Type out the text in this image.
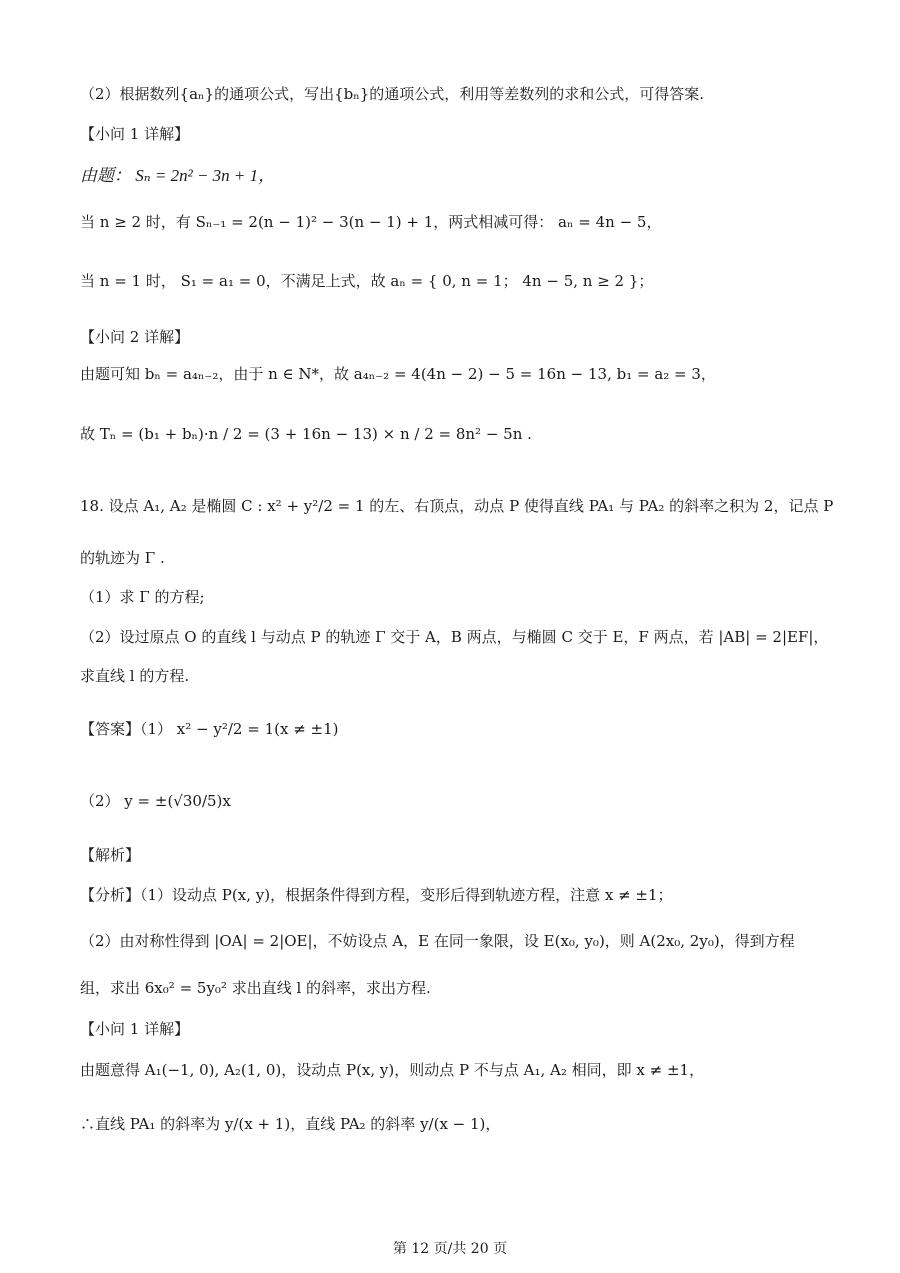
（2）根据数列{aₙ}的通项公式，写出{bₙ}的通项公式，利用等差数列的求和公式，可得答案.
【小问 1 详解】
由题： Sₙ = 2n² − 3n + 1，
当 n ≥ 2 时，有 Sₙ₋₁ = 2(n − 1)² − 3(n − 1) + 1，两式相减可得： aₙ = 4n − 5，
当 n = 1 时， S₁ = a₁ = 0，不满足上式，故 aₙ = { 0, n = 1； 4n − 5, n ≥ 2 }；
【小问 2 详解】
由题可知 bₙ = a₄ₙ₋₂，由于 n ∈ N*，故 a₄ₙ₋₂ = 4(4n − 2) − 5 = 16n − 13, b₁ = a₂ = 3，
故 Tₙ = (b₁ + bₙ)·n / 2 = (3 + 16n − 13) × n / 2 = 8n² − 5n .
18. 设点 A₁, A₂ 是椭圆 C : x² + y²/2 = 1 的左、右顶点，动点 P 使得直线 PA₁ 与 PA₂ 的斜率之积为 2，记点 P
的轨迹为 Γ .
（1）求 Γ 的方程;
（2）设过原点 O 的直线 l 与动点 P 的轨迹 Γ 交于 A，B 两点，与椭圆 C 交于 E，F 两点，若 |AB| = 2|EF|，
求直线 l 的方程.
【答案】（1） x² − y²/2 = 1(x ≠ ±1)
（2） y = ±(√30/5)x
【解析】
【分析】（1）设动点 P(x, y)，根据条件得到方程，变形后得到轨迹方程，注意 x ≠ ±1；
（2）由对称性得到 |OA| = 2|OE|，不妨设点 A，E 在同一象限，设 E(x₀, y₀)，则 A(2x₀, 2y₀)，得到方程
组，求出 6x₀² = 5y₀² 求出直线 l 的斜率，求出方程.
【小问 1 详解】
由题意得 A₁(−1, 0), A₂(1, 0)，设动点 P(x, y)，则动点 P 不与点 A₁, A₂ 相同，即 x ≠ ±1，
∴直线 PA₁ 的斜率为 y/(x + 1)，直线 PA₂ 的斜率 y/(x − 1)，
第 12 页/共 20 页
